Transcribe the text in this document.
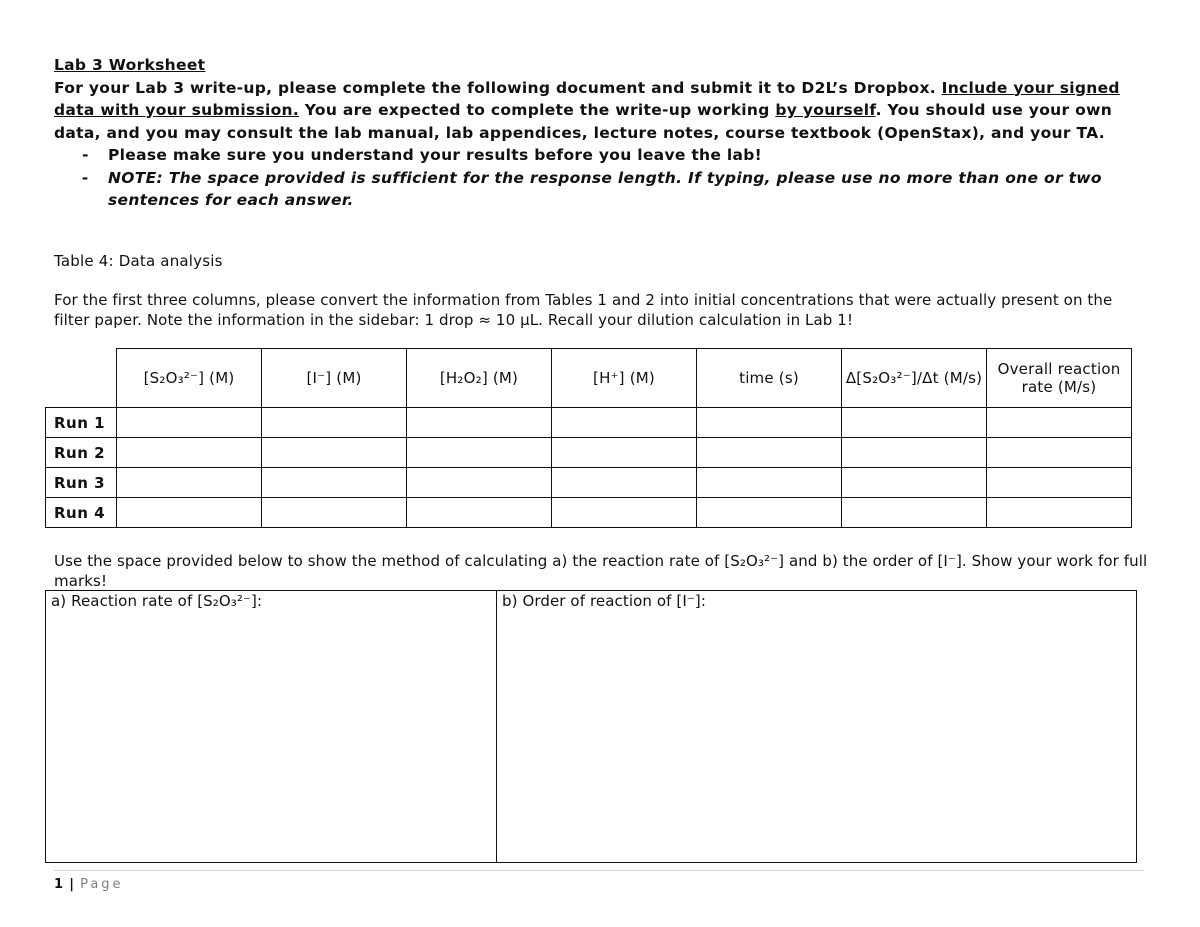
Lab 3 Worksheet
For your Lab 3 write-up, please complete the following document and submit it to D2L’s Dropbox. Include your signed data with your submission. You are expected to complete the write-up working by yourself. You should use your own data, and you may consult the lab manual, lab appendices, lecture notes, course textbook (OpenStax), and your TA.
- Please make sure you understand your results before you leave the lab!
- NOTE: The space provided is sufficient for the response length. If typing, please use no more than one or two sentences for each answer.
Table 4: Data analysis
For the first three columns, please convert the information from Tables 1 and 2 into initial concentrations that were actually present on the filter paper. Note the information in the sidebar: 1 drop ≈ 10 µL. Recall your dilution calculation in Lab 1!
	[S₂O₃²⁻] (M)	[I⁻] (M)	[H₂O₂] (M)	[H⁺] (M)	time (s)	Δ[S₂O₃²⁻]/Δt (M/s)	Overall reaction rate (M/s)
Run 1							
Run 2							
Run 3							
Run 4							
Use the space provided below to show the method of calculating a) the reaction rate of [S₂O₃²⁻] and b) the order of [I⁻]. Show your work for full marks!
a) Reaction rate of [S₂O₃²⁻]:	b) Order of reaction of [I⁻]:
1 | Page
